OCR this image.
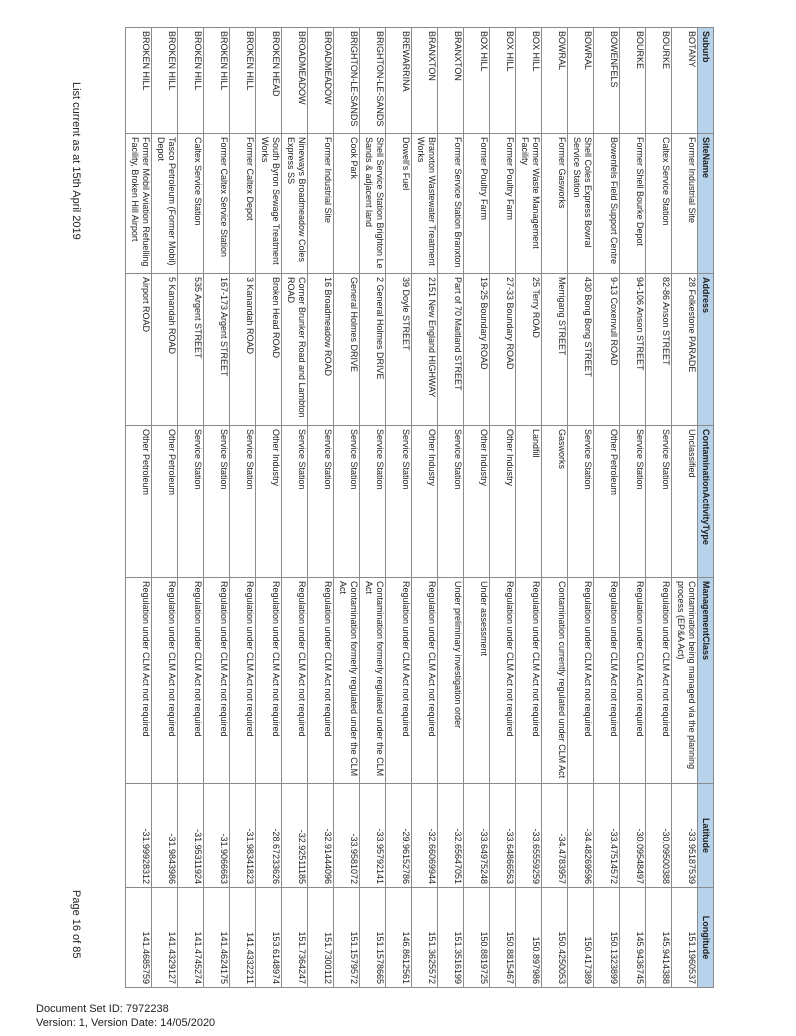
Suburb	SiteName	Address	ContaminationActivityType	ManagementClass	Latitude	Longitude
BOTANY	Former Industrial Site	28 Folkestone PARADE	Unclassified	Contamination being managed via the planning process (EP&A Act)	-33.95187539	151.1960537
BOURKE	Caltex Service Station	82-86 Anson STREET	Service Station	Regulation under CLM Act not required	-30.09500388	145.9414388
BOURKE	Former Shell Bourke Depot	94-106 Anson STREET	Service Station	Regulation under CLM Act not required	-30.09548497	145.9436745
BOWENFELS	Bowenfels Field Support Centre	9-13 Coxenvull ROAD	Other Petroleum	Regulation under CLM Act not required	-33.47514572	150.1323899
BOWRAL	Shell Coles Express Bowral Service Station	430 Bong Bong STREET	Service Station	Regulation under CLM Act not required	-34.48269596	150.417389
BOWRAL	Former Gasworks	Merrigang STREET	Gasworks	Contamination currently regulated under CLM Act	-34.4783957	150.4250053
BOX HILL	Former Waste Management Facility	25 Terry ROAD	Landfill	Regulation under CLM Act not required	-33.65559259	150.897986
BOX HILL	Former Poultry Farm	27-33 Boundary ROAD	Other Industry	Regulation under CLM Act not required	-33.64866563	150.8815467
BOX HILL	Former Poultry Farm	19-25 Boundary ROAD	Other Industry	Under assessment	-33.64975248	150.8819725
BRANXTON	Former Service Station Branxton	Part of 70 Maitland STREET	Service Station	Under preliminary investigation order	-32.65647051	151.3516199
BRANXTON	Branxton Wastewater Treatment Works	2151 New England HIGHWAY	Other Industry	Regulation under CLM Act not required	-32.66069944	151.3625572
BREWARRINA	Dowell's Fuel	39 Doyle STREET	Service Station	Regulation under CLM Act not required	-29.96152786	146.8612561
BRIGHTON-LE-SANDS	Shell Service Station Brighton Le Sands & adjacent land	2 General Holmes DRIVE	Service Station	Contamination formerly regulated under the CLM Act	-33.95792141	151.1578665
BRIGHTON-LE-SANDS	Cook Park	General Holmes DRIVE	Service Station	Contamination formerly regulated under the CLM Act	-33.9581072	151.1579572
BROADMEADOW	Former Industrial Site	16 Broadmeadow ROAD	Service Station	Regulation under CLM Act not required	-32.91444096	151.7300112
BROADMEADOW	Nineways Broadmeadow Coles Express SS	Corner Brunker Road and Lambton ROAD	Service Station	Regulation under CLM Act not required	-32.92511185	151.7364247
BROKEN HEAD	South Byron Sewage Treatment Works	Broken Head ROAD	Other Industry	Regulation under CLM Act not required	-28.67233626	153.6148974
BROKEN HILL	Former Caltex Depot	3 Kanandah ROAD	Service Station	Regulation under CLM Act not required	-31.98341823	141.4332211
BROKEN HILL	Former Caltex Service Station	167-173 Argent STREET	Service Station	Regulation under CLM Act not required	-31.9066663	141.4624175
BROKEN HILL	Caltex Service Station	535 Argent STREET	Service Station	Regulation under CLM Act not required	-31.95311924	141.4745274
BROKEN HILL	Tasco Petroleum (Former Mobil) Depot	5 Kanandah ROAD	Other Petroleum	Regulation under CLM Act not required	-31.9843986	141.4329127
BROKEN HILL	Former Mobil Aviation Refuelling Facility, Broken Hill Airport	Airport ROAD	Other Petroleum	Regulation under CLM Act not required	-31.99928312	141.4685759
List current as at 15th April 2019
Page 16 of 85
Document Set ID: 7972238
Version: 1, Version Date: 14/05/2020
